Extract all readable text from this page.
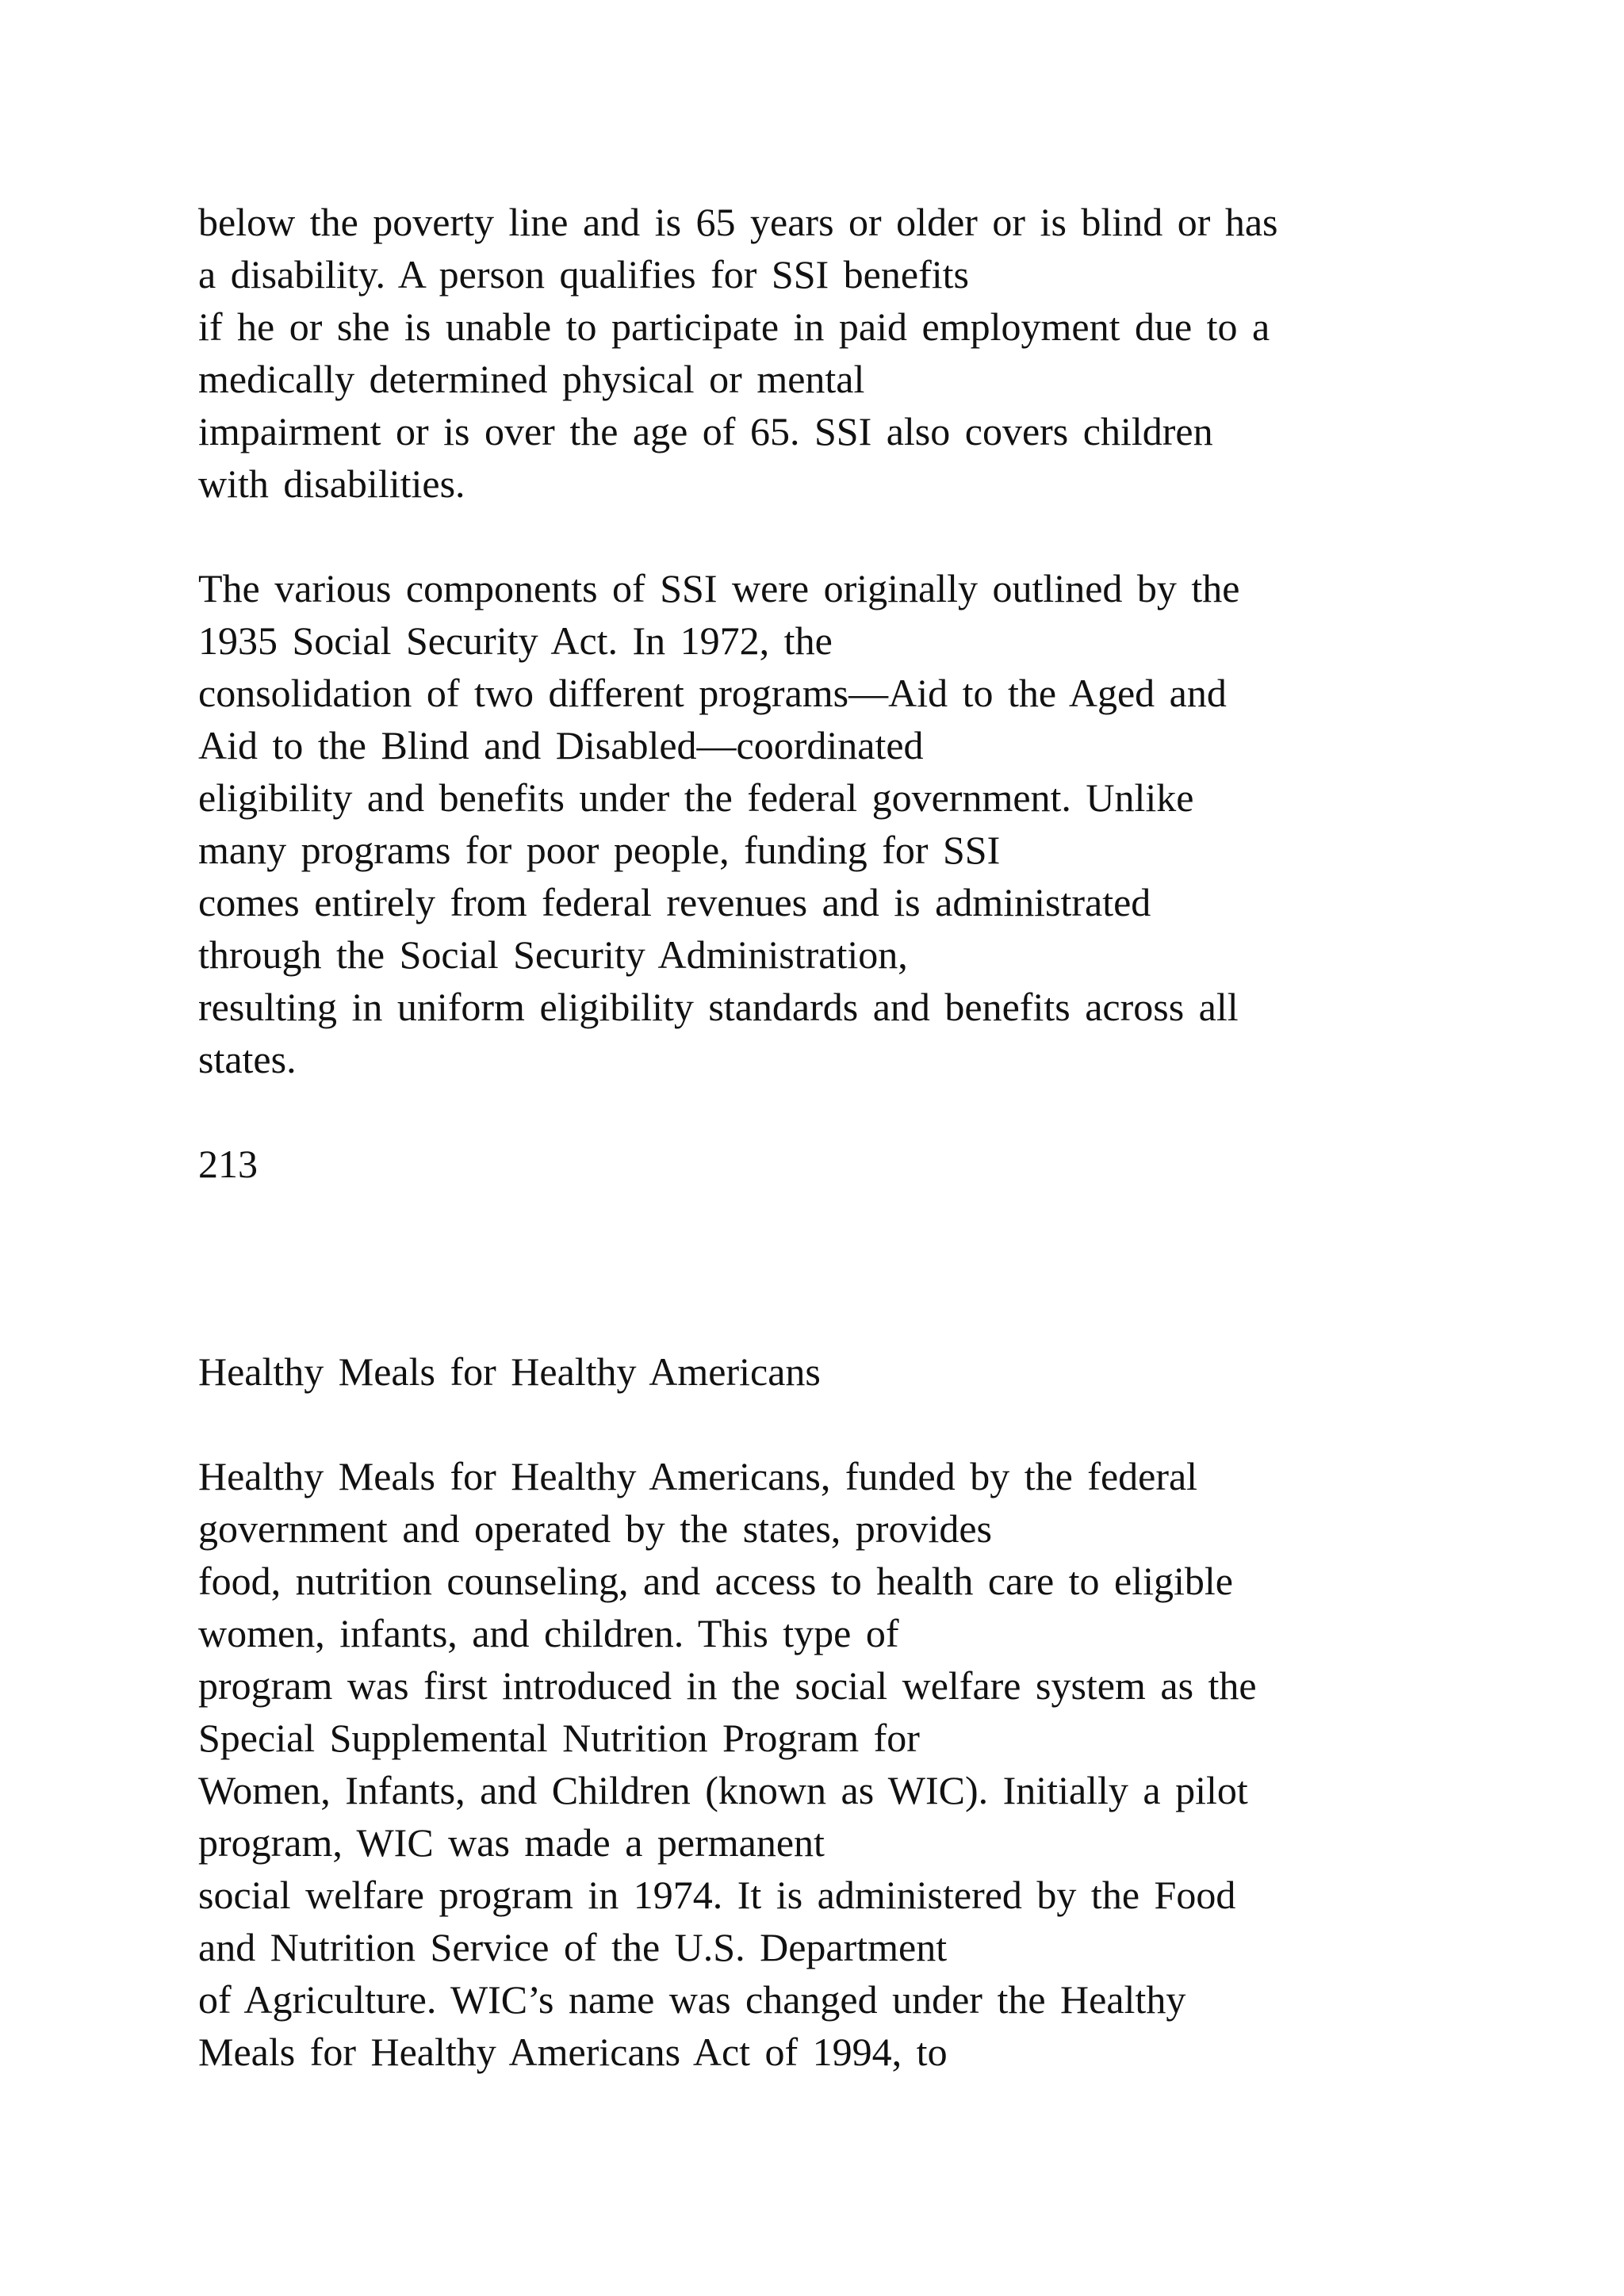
below the poverty line and is 65 years or older or is blind or has
a disability. A person qualifies for SSI benefits
if he or she is unable to participate in paid employment due to a
medically determined physical or mental
impairment or is over the age of 65. SSI also covers children
with disabilities.
The various components of SSI were originally outlined by the
1935 Social Security Act. In 1972, the
consolidation of two different programs—Aid to the Aged and
Aid to the Blind and Disabled—coordinated
eligibility and benefits under the federal government. Unlike
many programs for poor people, funding for SSI
comes entirely from federal revenues and is administrated
through the Social Security Administration,
resulting in uniform eligibility standards and benefits across all
states.
213
Healthy Meals for Healthy Americans
Healthy Meals for Healthy Americans, funded by the federal
government and operated by the states, provides
food, nutrition counseling, and access to health care to eligible
women, infants, and children. This type of
program was first introduced in the social welfare system as the
Special Supplemental Nutrition Program for
Women, Infants, and Children (known as WIC). Initially a pilot
program, WIC was made a permanent
social welfare program in 1974. It is administered by the Food
and Nutrition Service of the U.S. Department
of Agriculture. WIC’s name was changed under the Healthy
Meals for Healthy Americans Act of 1994, to
